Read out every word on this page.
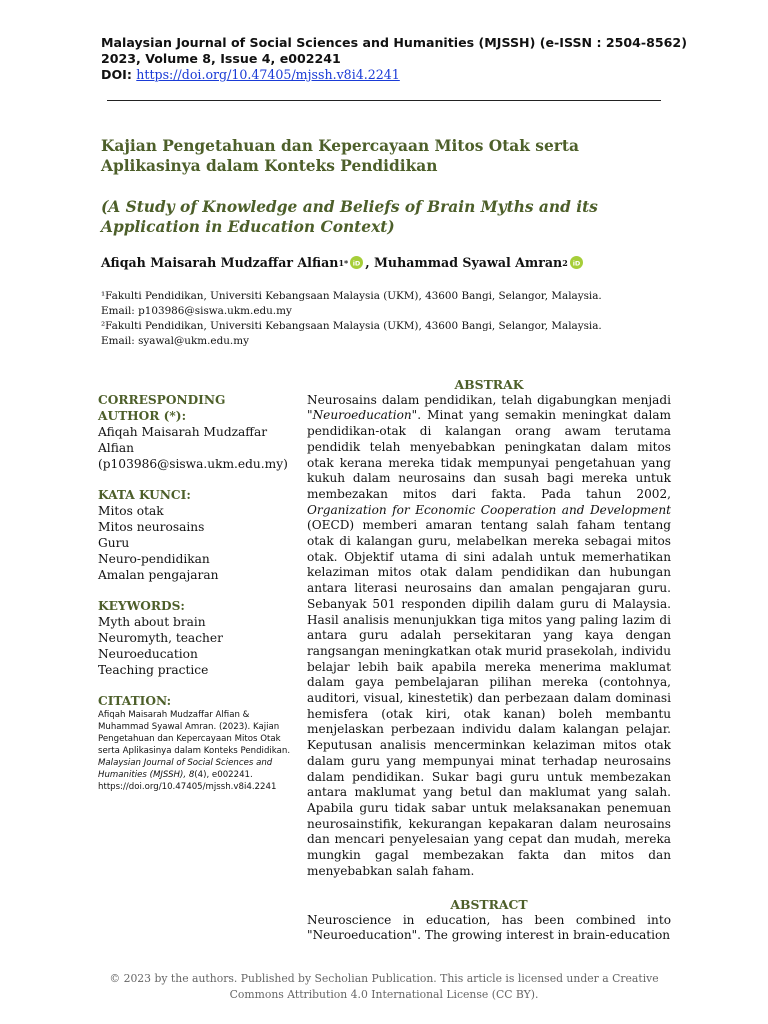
Malaysian Journal of Social Sciences and Humanities (MJSSH) (e-ISSN : 2504-8562)
2023, Volume 8, Issue 4, e002241
DOI: https://doi.org/10.47405/mjssh.v8i4.2241
Kajian Pengetahuan dan Kepercayaan Mitos Otak serta Aplikasinya dalam Konteks Pendidikan
(A Study of Knowledge and Beliefs of Brain Myths and its Application in Education Context)
Afiqah Maisarah Mudzaffar Alfian 1* iD , Muhammad Syawal Amran 2 iD
¹Fakulti Pendidikan, Universiti Kebangsaan Malaysia (UKM), 43600 Bangi, Selangor, Malaysia.
Email: p103986@siswa.ukm.edu.my
²Fakulti Pendidikan, Universiti Kebangsaan Malaysia (UKM), 43600 Bangi, Selangor, Malaysia.
Email: syawal@ukm.edu.my
CORRESPONDING
AUTHOR (*):
Afiqah Maisarah Mudzaffar
Alfian
(p103986@siswa.ukm.edu.my)
KATA KUNCI:
Mitos otak
Mitos neurosains
Guru
Neuro-pendidikan
Amalan pengajaran
KEYWORDS:
Myth about brain
Neuromyth, teacher
Neuroeducation
Teaching practice
CITATION:
Afiqah Maisarah Mudzaffar Alfian & Muhammad Syawal Amran. (2023). Kajian Pengetahuan dan Kepercayaan Mitos Otak serta Aplikasinya dalam Konteks Pendidikan. Malaysian Journal of Social Sciences and Humanities (MJSSH), 8(4), e002241.
https://doi.org/10.47405/mjssh.v8i4.2241
ABSTRAK
Neurosains dalam pendidikan, telah digabungkan menjadi "Neuroeducation". Minat yang semakin meningkat dalam pendidikan-otak di kalangan orang awam terutama pendidik telah menyebabkan peningkatan dalam mitos otak kerana mereka tidak mempunyai pengetahuan yang kukuh dalam neurosains dan susah bagi mereka untuk membezakan mitos dari fakta. Pada tahun 2002, Organization for Economic Cooperation and Development (OECD) memberi amaran tentang salah faham tentang otak di kalangan guru, melabelkan mereka sebagai mitos otak. Objektif utama di sini adalah untuk memerhatikan kelaziman mitos otak dalam pendidikan dan hubungan antara literasi neurosains dan amalan pengajaran guru. Sebanyak 501 responden dipilih dalam guru di Malaysia. Hasil analisis menunjukkan tiga mitos yang paling lazim di antara guru adalah persekitaran yang kaya dengan rangsangan meningkatkan otak murid prasekolah, individu belajar lebih baik apabila mereka menerima maklumat dalam gaya pembelajaran pilihan mereka (contohnya, auditori, visual, kinestetik) dan perbezaan dalam dominasi hemisfera (otak kiri, otak kanan) boleh membantu menjelaskan perbezaan individu dalam kalangan pelajar. Keputusan analisis mencerminkan kelaziman mitos otak dalam guru yang mempunyai minat terhadap neurosains dalam pendidikan. Sukar bagi guru untuk membezakan antara maklumat yang betul dan maklumat yang salah. Apabila guru tidak sabar untuk melaksanakan penemuan neurosainstifik, kekurangan kepakaran dalam neurosains dan mencari penyelesaian yang cepat dan mudah, mereka mungkin gagal membezakan fakta dan mitos dan menyebabkan salah faham.
ABSTRACT
Neuroscience in education, has been combined into "Neuroeducation". The growing interest in brain-education
© 2023 by the authors. Published by Secholian Publication. This article is licensed under a Creative
Commons Attribution 4.0 International License (CC BY).
